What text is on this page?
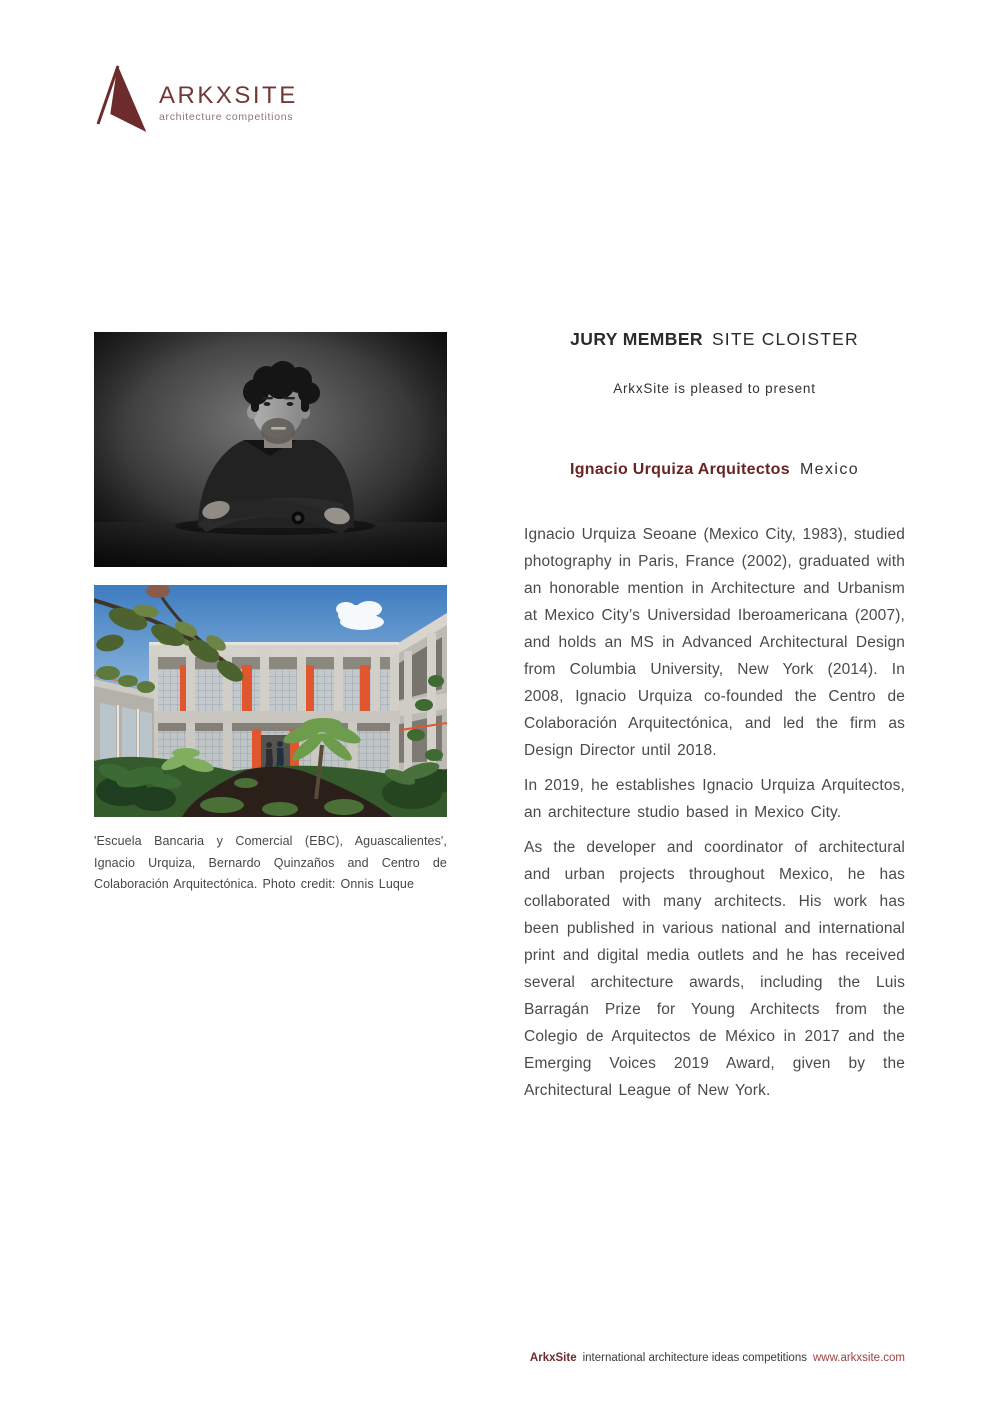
ARKXSITE
architecture competitions
'Escuela Bancaria y Comercial (EBC), Aguascalientes', Ignacio Urquiza, Bernardo Quinzaños and Centro de Colaboración Arquitectónica. Photo credit: Onnis Luque
JURY MEMBER SITE CLOISTER
ArkxSite is pleased to present
Ignacio Urquiza Arquitectos Mexico

Ignacio Urquiza Seoane (Mexico City, 1983), studied photography in Paris, France (2002), graduated with an honorable mention in Architecture and Urbanism at Mexico City’s Universidad Iberoamericana (2007), and holds an MS in Advanced Architectural Design from Columbia University, New York (2014). In 2008, Ignacio Urquiza co-founded the Centro de Colaboración Arquitectónica, and led the firm as Design Director until 2018.

In 2019, he establishes Ignacio Urquiza Arquitectos, an architecture studio based in Mexico City.

As the developer and coordinator of architectural and urban projects throughout Mexico, he has collaborated with many architects. His work has been published in various national and international print and digital media outlets and he has received several architecture awards, including the Luis Barragán Prize for Young Architects from the Colegio de Arquitectos de México in 2017 and the Emerging Voices 2019 Award, given by the Architectural League of New York.

ArkxSite international architecture ideas competitions www.arkxsite.com
